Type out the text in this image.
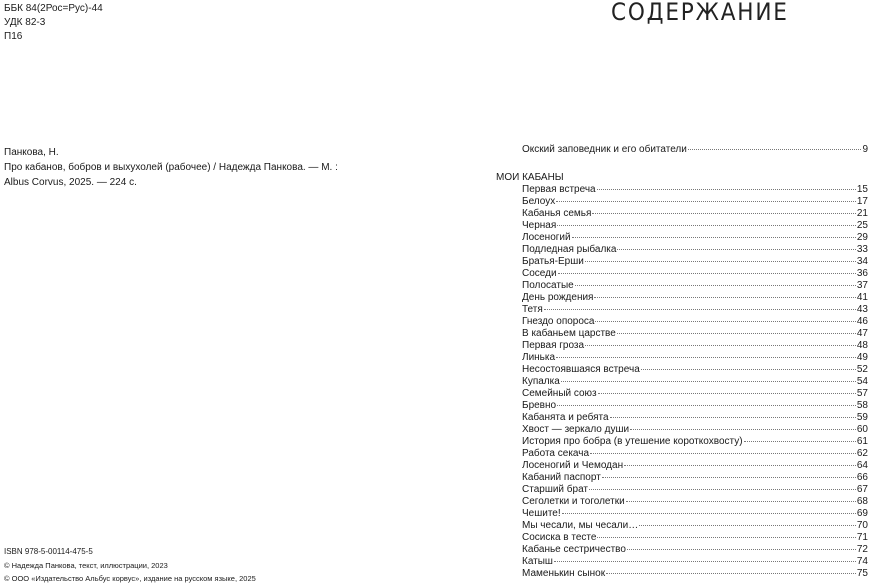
ББК 84(2Рос=Рус)-44
УДК 82-3
П16
Панкова, Н.
Про кабанов, бобров и выхухолей (рабочее) / Надежда Панкова. — М. :
Albus Corvus, 2025. — 224 с.
ISBN 978-5-00114-475-5
© Надежда Панкова, текст, иллюстрации, 2023
© ООО «Издательство Альбус корвус», издание на русском языке, 2025
СОДЕРЖАНИЕ
Окский заповедник и его обитатели	9
МОИ КАБАНЫ
Первая встреча	15
Белоух	17
Кабанья семья	21
Черная	25
Лосеногий	29
Подледная рыбалка	33
Братья-Ерши	34
Соседи	36
Полосатые	37
День рождения	41
Тетя	43
Гнездо опороса	46
В кабаньем царстве	47
Первая гроза	48
Линька	49
Несостоявшаяся встреча	52
Купалка	54
Семейный союз	57
Бревно	58
Кабанята и ребята	59
Хвост — зеркало души	60
История про бобра (в утешение короткохвосту)	61
Работа секача	62
Лосеногий и Чемодан	64
Кабаний паспорт	66
Старший брат	67
Сеголетки и тоголетки	68
Чешите!	69
Мы чесали, мы чесали…	70
Сосиска в тесте	71
Кабанье сестричество	72
Катыш	74
Маменькин сынок	75
